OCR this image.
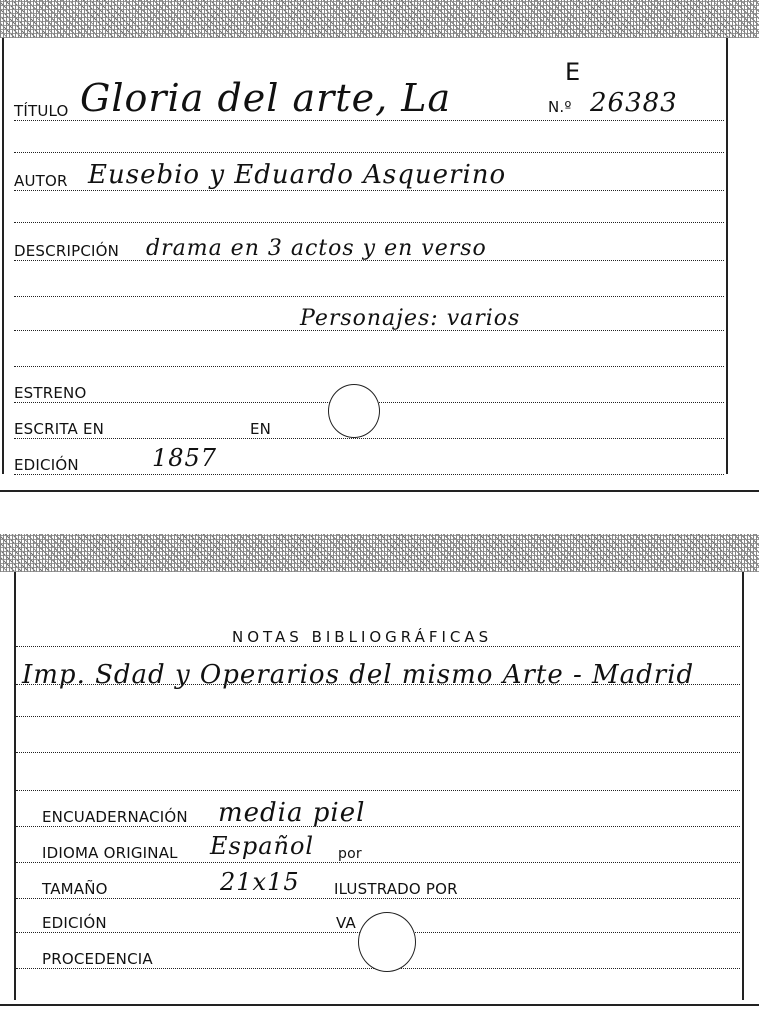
E
TÍTULO Gloria del arte, La	N.º 26383
AUTOR Eusebio y Eduardo Asquerino
DESCRIPCIÓN drama en 3 actos y en verso
Personajes: varios
ESTRENO
ESCRITA EN	EN
EDICIÓN	1857
NOTAS BIBLIOGRÁFICAS
Imp. Sdad y Operarios del mismo Arte - Madrid
ENCUADERNACIÓN media piel
IDIOMA ORIGINAL Español por
TAMAÑO	21x15 ILUSTRADO POR
EDICIÓN	VA
PROCEDENCIA
